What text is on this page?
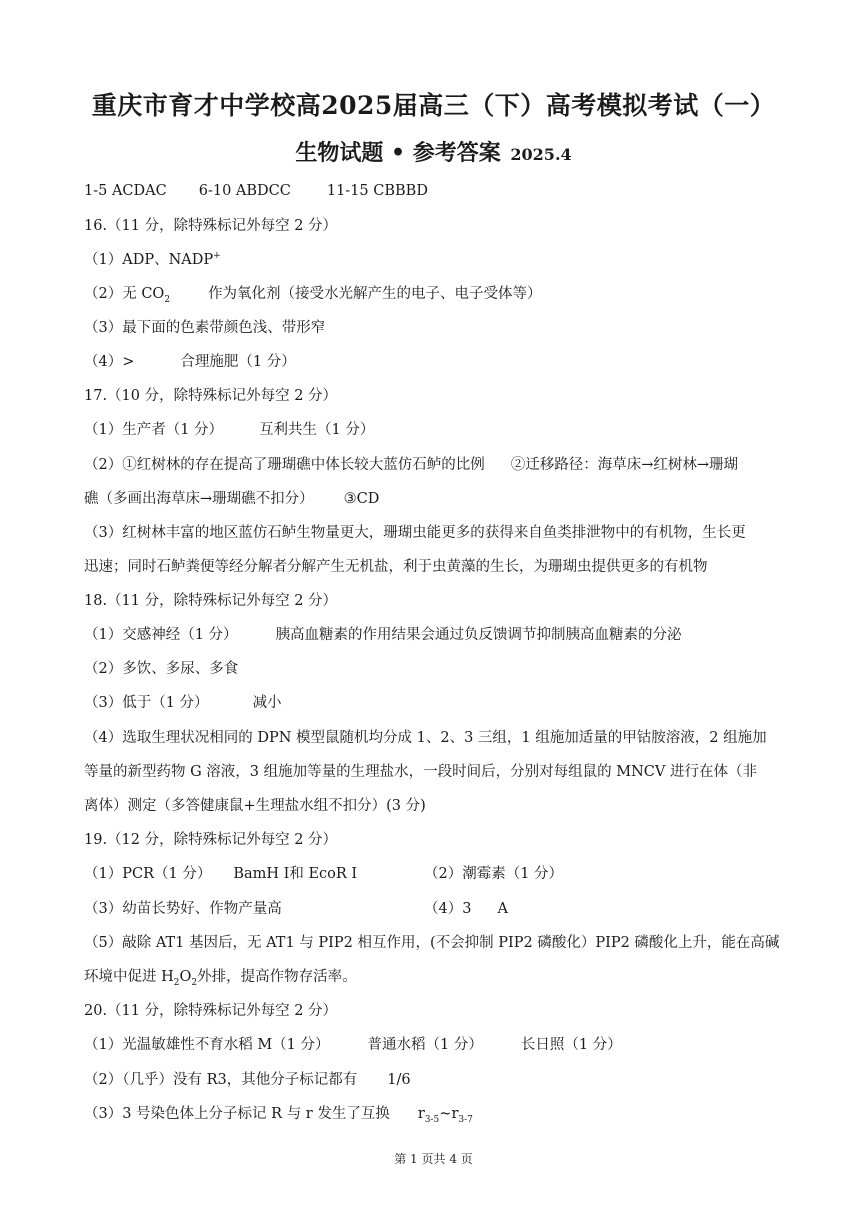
重庆市育才中学校高2025届高三（下）高考模拟考试（一）
生物试题 • 参考答案 2025.4
1-5 ACDAC 6-10 ABDCC 11-15 CBBBD
16.（11 分，除特殊标记外每空 2 分）
（1）ADP、NADP+
（2）无 $CO_2$	作为氧化剂（接受水光解产生的电子、电子受体等）
（3）最下面的色素带颜色浅、带形窄
（4）>	合理施肥（1 分）
17.（10 分，除特殊标记外每空 2 分）
（1）生产者（1 分） 互利共生（1 分）
（2）①红树林的存在提高了珊瑚礁中体长较大蓝仿石鲈的比例 ②迁移路径：海草床→红树林→珊瑚
礁（多画出海草床→珊瑚礁不扣分） ③CD
（3）红树林丰富的地区蓝仿石鲈生物量更大，珊瑚虫能更多的获得来自鱼类排泄物中的有机物，生长更
迅速；同时石鲈粪便等经分解者分解产生无机盐，利于虫黄藻的生长，为珊瑚虫提供更多的有机物
18.（11 分，除特殊标记外每空 2 分）
（1）交感神经（1 分）	胰高血糖素的作用结果会通过负反馈调节抑制胰高血糖素的分泌
（2）多饮、多尿、多食
（3）低于（1 分）	减小
（4）选取生理状况相同的 DPN 模型鼠随机均分成 1、2、3 三组，1 组施加适量的甲钴胺溶液，2 组施加
等量的新型药物 G 溶液，3 组施加等量的生理盐水，一段时间后，分别对每组鼠的 MNCV 进行在体（非
离体）测定（多答健康鼠+生理盐水组不扣分）(3 分)
19.（12 分，除特殊标记外每空 2 分）
（1）PCR（1 分） BamH Ⅰ和 EcoR Ⅰ	（2）潮霉素（1 分）
（3）幼苗长势好、作物产量高	（4）3 A
（5）敲除 AT1 基因后，无 AT1 与 PIP2 相互作用，(不会抑制 PIP2 磷酸化）PIP2 磷酸化上升，能在高碱
环境中促进 $H_2O_2$外排，提高作物存活率。
20.（11 分，除特殊标记外每空 2 分）
（1）光温敏雄性不育水稻 M（1 分）	普通水稻（1 分）	长日照（1 分）
（2）（几乎）没有 R3，其他分子标记都有 1/6
（3）3 号染色体上分子标记 R 与 r 发生了互换 $r_{3-5}\sim r_{3-7}$
第 1 页共 4 页
